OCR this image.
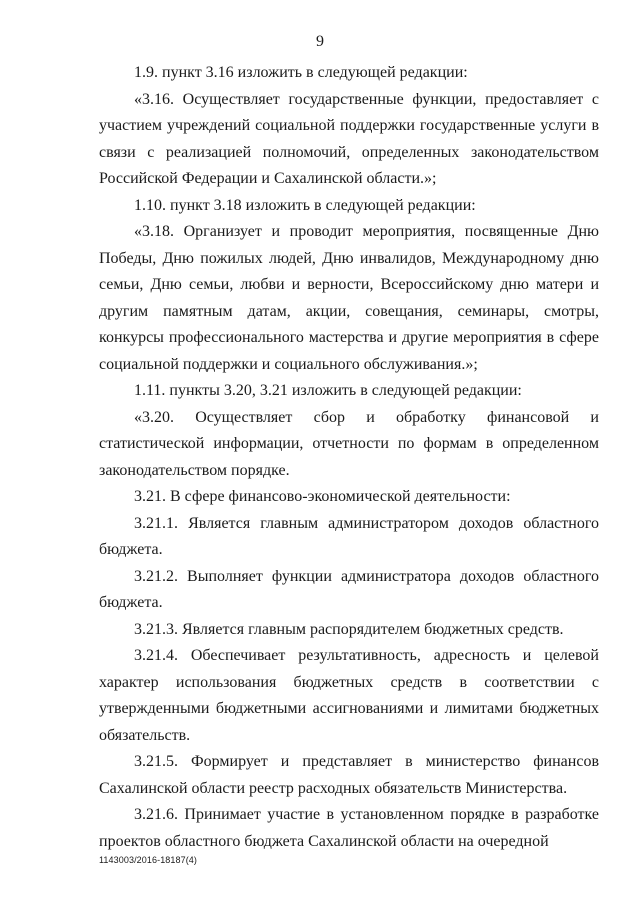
9

1.9. пункт 3.16 изложить в следующей редакции:

«3.16. Осуществляет государственные функции, предоставляет с участием учреждений социальной поддержки государственные услуги в связи с реализацией полномочий, определенных законодательством Российской Федерации и Сахалинской области.»;

1.10. пункт 3.18 изложить в следующей редакции:

«3.18. Организует и проводит мероприятия, посвященные Дню Победы, Дню пожилых людей, Дню инвалидов, Международному дню семьи, Дню семьи, любви и верности, Всероссийскому дню матери и другим памятным датам, акции, совещания, семинары, смотры, конкурсы профессионального мастерства и другие мероприятия в сфере социальной поддержки и социального обслуживания.»;

1.11. пункты 3.20, 3.21 изложить в следующей редакции:

«3.20. Осуществляет сбор и обработку финансовой и статистической информации, отчетности по формам в определенном законодательством порядке.

3.21. В сфере финансово-экономической деятельности:

3.21.1. Является главным администратором доходов областного бюджета.

3.21.2. Выполняет функции администратора доходов областного бюджета.

3.21.3. Является главным распорядителем бюджетных средств.

3.21.4. Обеспечивает результативность, адресность и целевой характер использования бюджетных средств в соответствии с утвержденными бюджетными ассигнованиями и лимитами бюджетных обязательств.

3.21.5. Формирует и представляет в министерство финансов Сахалинской области реестр расходных обязательств Министерства.

3.21.6. Принимает участие в установленном порядке в разработке проектов областного бюджета Сахалинской области на очередной

1143003/2016-18187(4)
